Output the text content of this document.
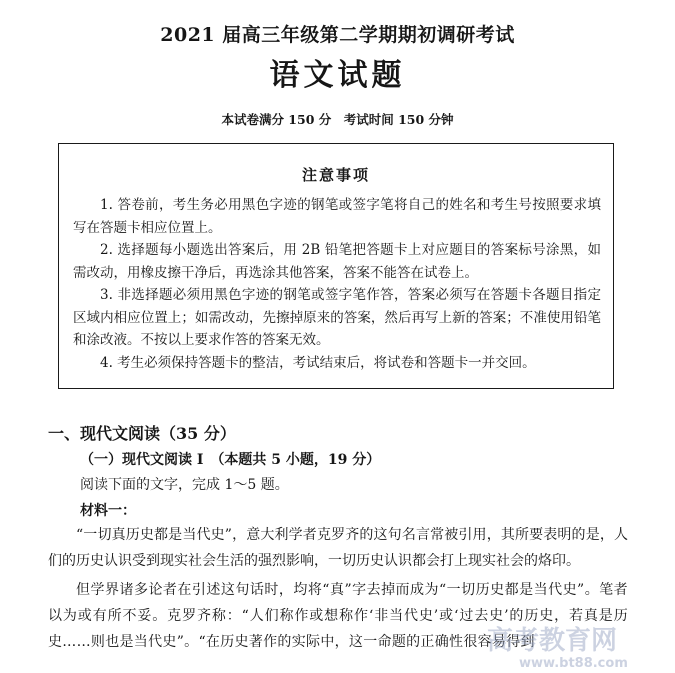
2021 届高三年级第二学期期初调研考试
语文试题
本试卷满分 150 分　考试时间 150 分钟
注意事项

1. 答卷前，考生务必用黑色字迹的钢笔或签字笔将自己的姓名和考生号按照要求填写在答题卡相应位置上。

2. 选择题每小题选出答案后，用 2B 铅笔把答题卡上对应题目的答案标号涂黑，如需改动，用橡皮擦干净后，再选涂其他答案，答案不能答在试卷上。

3. 非选择题必须用黑色字迹的钢笔或签字笔作答，答案必须写在答题卡各题目指定区域内相应位置上；如需改动，先擦掉原来的答案，然后再写上新的答案；不准使用铅笔和涂改液。不按以上要求作答的答案无效。

4. 考生必须保持答题卡的整洁，考试结束后，将试卷和答题卡一并交回。

一、现代文阅读（35 分）
（一）现代文阅读 I　（本题共 5 小题，19 分）
阅读下面的文字，完成 1～5 题。
材料一：

“一切真历史都是当代史”，意大利学者克罗齐的这句名言常被引用，其所要表明的是，人们的历史认识受到现实社会生活的强烈影响，一切历史认识都会打上现实社会的烙印。

但学界诸多论者在引述这句话时，均将“真”字去掉而成为“一切历史都是当代史”。笔者以为或有所不妥。克罗齐称：“人们称作或想称作‘非当代史’或‘过去史’的历史，若真是历史……则也是当代史”。“在历史著作的实际中，这一命题的正确性很容易得到

高考教育网
www.bt88.com
